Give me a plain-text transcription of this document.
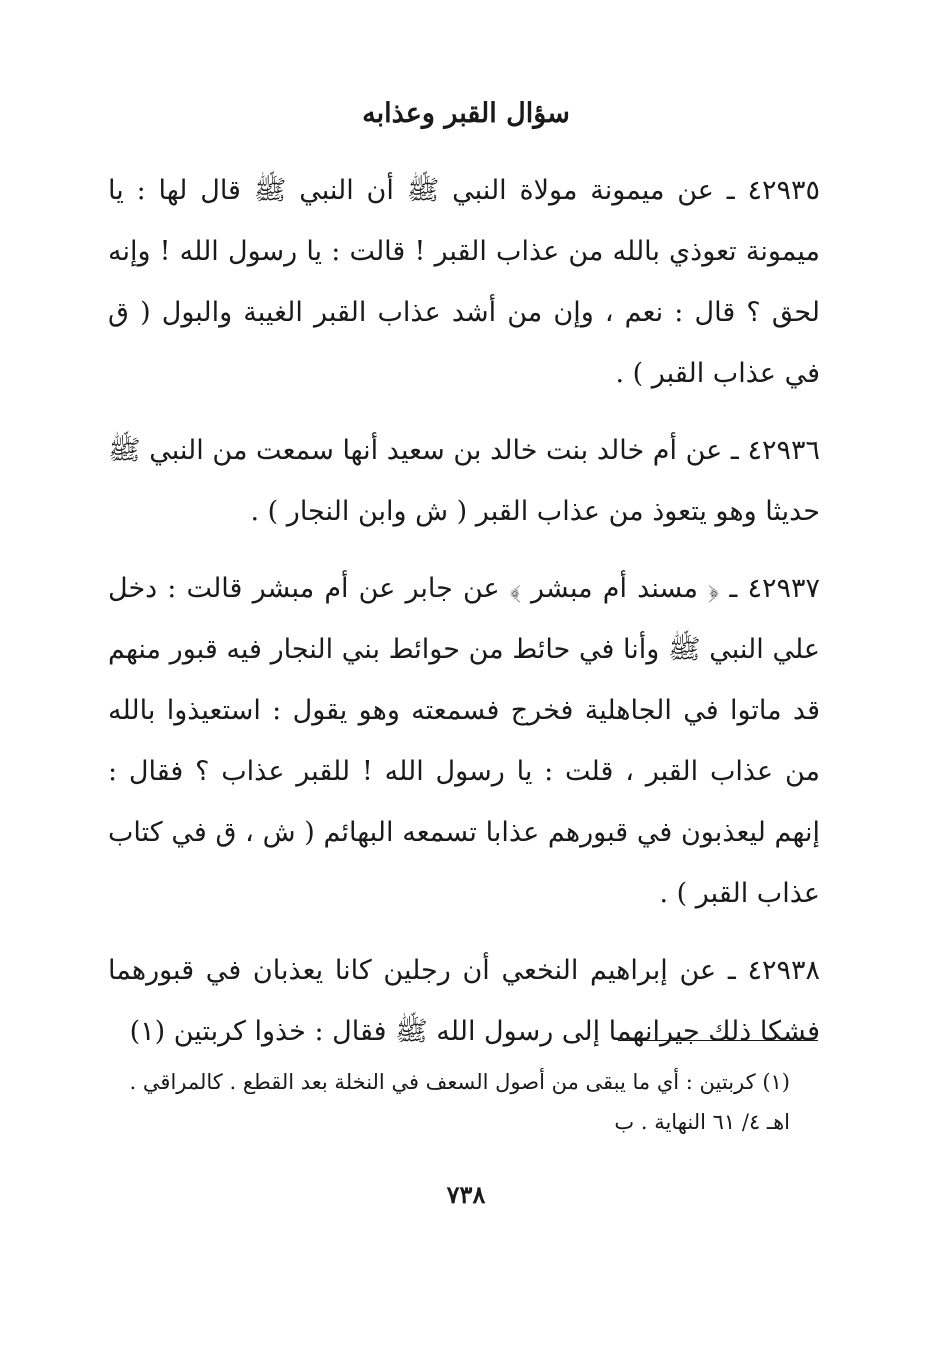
سؤال القبر وعذابه

٤٢٩٣٥ ـ عن ميمونة مولاة النبي ﷺ أن النبي ﷺ قال لها : يا ميمونة تعوذي بالله من عذاب القبر ! قالت : يا رسول الله ! وإنه لحق ؟ قال : نعم ، وإن من أشد عذاب القبر الغيبة والبول ( ق في عذاب القبر ) .

٤٢٩٣٦ ـ عن أم خالد بنت خالد بن سعيد أنها سمعت من النبي ﷺ حديثا وهو يتعوذ من عذاب القبر ( ش وابن النجار ) .

٤٢٩٣٧ ـ ﴿ مسند أم مبشر ﴾ عن جابر عن أم مبشر قالت : دخل علي النبي ﷺ وأنا في حائط من حوائط بني النجار فيه قبور منهم قد ماتوا في الجاهلية فخرج فسمعته وهو يقول : استعيذوا بالله من عذاب القبر ، قلت : يا رسول الله ! للقبر عذاب ؟ فقال : إنهم ليعذبون في قبورهم عذابا تسمعه البهائم ( ش ، ق في كتاب عذاب القبر ) .

٤٢٩٣٨ ـ عن إبراهيم النخعي أن رجلين كانا يعذبان في قبورهما فشكا ذلك جيرانهما إلى رسول الله ﷺ فقال : خذوا كربتين (١)

(١) كربتين : أي ما يبقى من أصول السعف في النخلة بعد القطع . كالمراقي . اهـ ٤/ ٦١ النهاية . ب
٧٣٨
